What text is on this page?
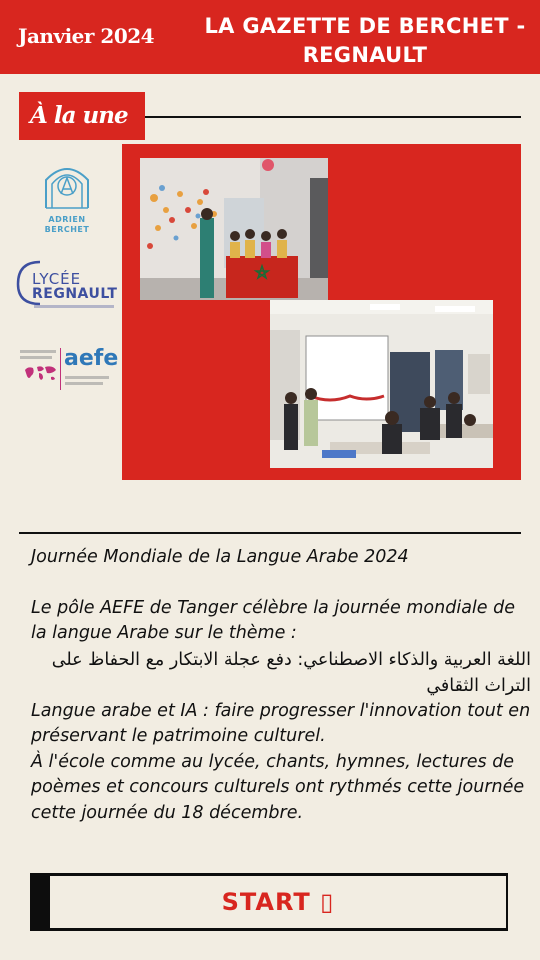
Janvier 2024 LA GAZETTE DE BERCHET - REGNAULT
À la une
ADRIEN
BERCHET
LYCÉE
REGNAULT
aefe

Journée Mondiale de la Langue Arabe 2024

Le pôle AEFE de Tanger célèbre la journée mondiale de la langue Arabe sur le thème :

اللغة العربية والذكاء الاصطناعي: دفع عجلة الابتكار مع الحفاظ على التراث الثقافي

Langue arabe et IA : faire progresser l'innovation tout en préservant le patrimoine culturel.

À l'école comme au lycée, chants, hymnes, lectures de poèmes et concours culturels ont rythmés cette journée cette journée du 18 décembre.

START ▯
